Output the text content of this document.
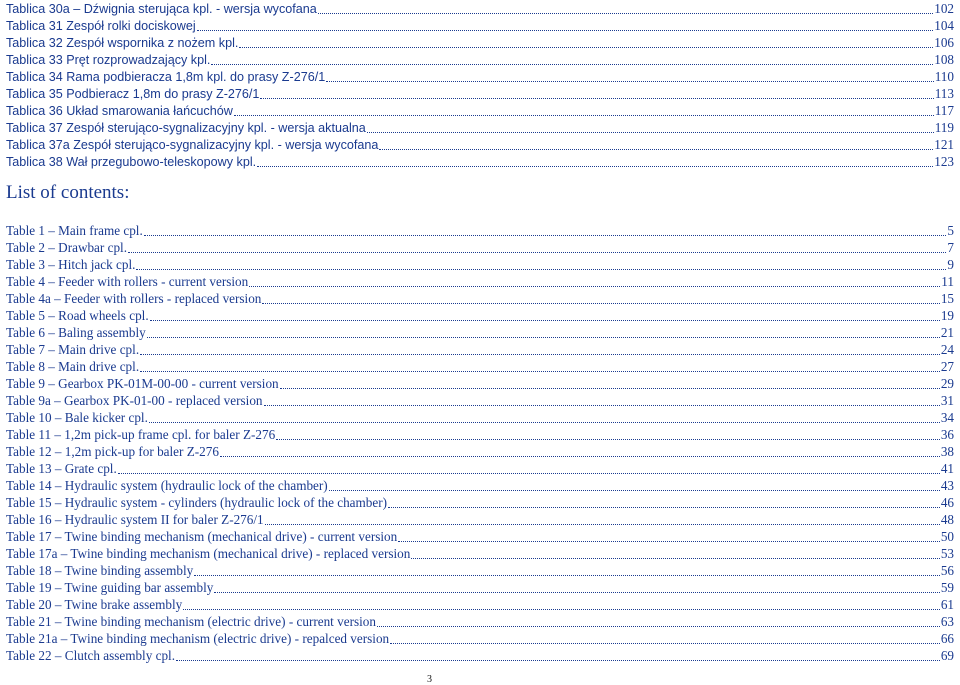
Tablica 30a – Dźwignia sterująca kpl. - wersja wycofana	102
Tablica 31 Zespół rolki dociskowej	104
Tablica 32 Zespół wspornika z nożem kpl.	106
Tablica 33 Pręt rozprowadzający kpl.	108
Tablica 34 Rama podbieracza 1,8m kpl. do prasy Z-276/1	110
Tablica 35 Podbieracz 1,8m do prasy Z-276/1	113
Tablica 36 Układ smarowania łańcuchów	117
Tablica 37 Zespół sterująco-sygnalizacyjny kpl. - wersja aktualna	119
Tablica 37a Zespół sterująco-sygnalizacyjny kpl. - wersja wycofana	121
Tablica 38 Wał przegubowo-teleskopowy kpl.	123
List of contents:
Table 1 – Main frame cpl.	5
Table 2 – Drawbar cpl.	7
Table 3 – Hitch jack cpl.	9
Table 4 – Feeder with rollers - current version	11
Table 4a – Feeder with rollers - replaced version	15
Table 5 – Road wheels cpl.	19
Table 6 – Baling assembly	21
Table 7 – Main drive cpl.	24
Table 8 – Main drive cpl.	27
Table 9 – Gearbox PK-01M-00-00 - current version	29
Table 9a – Gearbox PK-01-00 - replaced version	31
Table 10 – Bale kicker cpl.	34
Table 11 – 1,2m pick-up frame cpl. for baler Z-276	36
Table 12 – 1,2m pick-up for baler Z-276	38
Table 13 – Grate cpl.	41
Table 14 – Hydraulic system (hydraulic lock of the chamber)	43
Table 15 – Hydraulic system - cylinders (hydraulic lock of the chamber)	46
Table 16 – Hydraulic system II for baler Z-276/1	48
Table 17 – Twine binding mechanism (mechanical drive) - current version	50
Table 17a – Twine binding mechanism (mechanical drive) - replaced version	53
Table 18 – Twine binding assembly	56
Table 19 – Twine guiding bar assembly	59
Table 20 – Twine brake assembly	61
Table 21 – Twine binding mechanism (electric drive) - current version	63
Table 21a – Twine binding mechanism (electric drive) - repalced version	66
Table 22 – Clutch assembly cpl.	69
3
